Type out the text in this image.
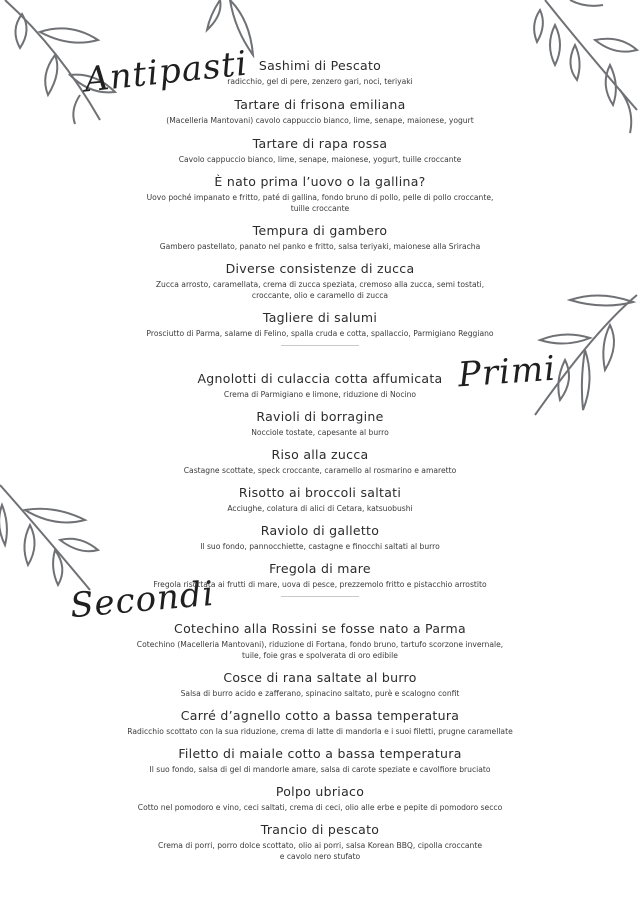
Antipasti
Primi
Secondi
Sashimi di Pescato
radicchio, gel di pere, zenzero gari, noci, teriyaki
Tartare di frisona emiliana
(Macelleria Mantovani) cavolo cappuccio bianco, lime, senape, maionese, yogurt
Tartare di rapa rossa
Cavolo cappuccio bianco, lime, senape, maionese, yogurt, tuille croccante
È nato prima l’uovo o la gallina?
Uovo poché impanato e fritto, paté di gallina, fondo bruno di pollo, pelle di pollo croccante,
tuille croccante
Tempura di gambero
Gambero pastellato, panato nel panko e fritto, salsa teriyaki, maionese alla Sriracha
Diverse consistenze di zucca
Zucca arrosto, caramellata, crema di zucca speziata, cremoso alla zucca, semi tostati,
croccante, olio e caramello di zucca
Tagliere di salumi
Prosciutto di Parma, salame di Felino, spalla cruda e cotta, spallaccio, Parmigiano Reggiano
Agnolotti di culaccia cotta affumicata
Crema di Parmigiano e limone, riduzione di Nocino
Ravioli di borragine
Nocciole tostate, capesante al burro
Riso alla zucca
Castagne scottate, speck croccante, caramello al rosmarino e amaretto
Risotto ai broccoli saltati
Acciughe, colatura di alici di Cetara, katsuobushi
Raviolo di galletto
Il suo fondo, pannocchiette, castagne e finocchi saltati al burro
Fregola di mare
Fregola risottata ai frutti di mare, uova di pesce, prezzemolo fritto e pistacchio arrostito
Cotechino alla Rossini se fosse nato a Parma
Cotechino (Macelleria Mantovani), riduzione di Fortana, fondo bruno, tartufo scorzone invernale,
tuile, foie gras e spolverata di oro edibile
Cosce di rana saltate al burro
Salsa di burro acido e zafferano, spinacino saltato, purè e scalogno confit
Carré d’agnello cotto a bassa temperatura
Radicchio scottato con la sua riduzione, crema di latte di mandorla e i suoi filetti, prugne caramellate
Filetto di maiale cotto a bassa temperatura
Il suo fondo, salsa di gel di mandorle amare, salsa di carote speziate e cavolfiore bruciato
Polpo ubriaco
Cotto nel pomodoro e vino, ceci saltati, crema di ceci, olio alle erbe e pepite di pomodoro secco
Trancio di pescato
Crema di porri, porro dolce scottato, olio ai porri, salsa Korean BBQ, cipolla croccante
e cavolo nero stufato
